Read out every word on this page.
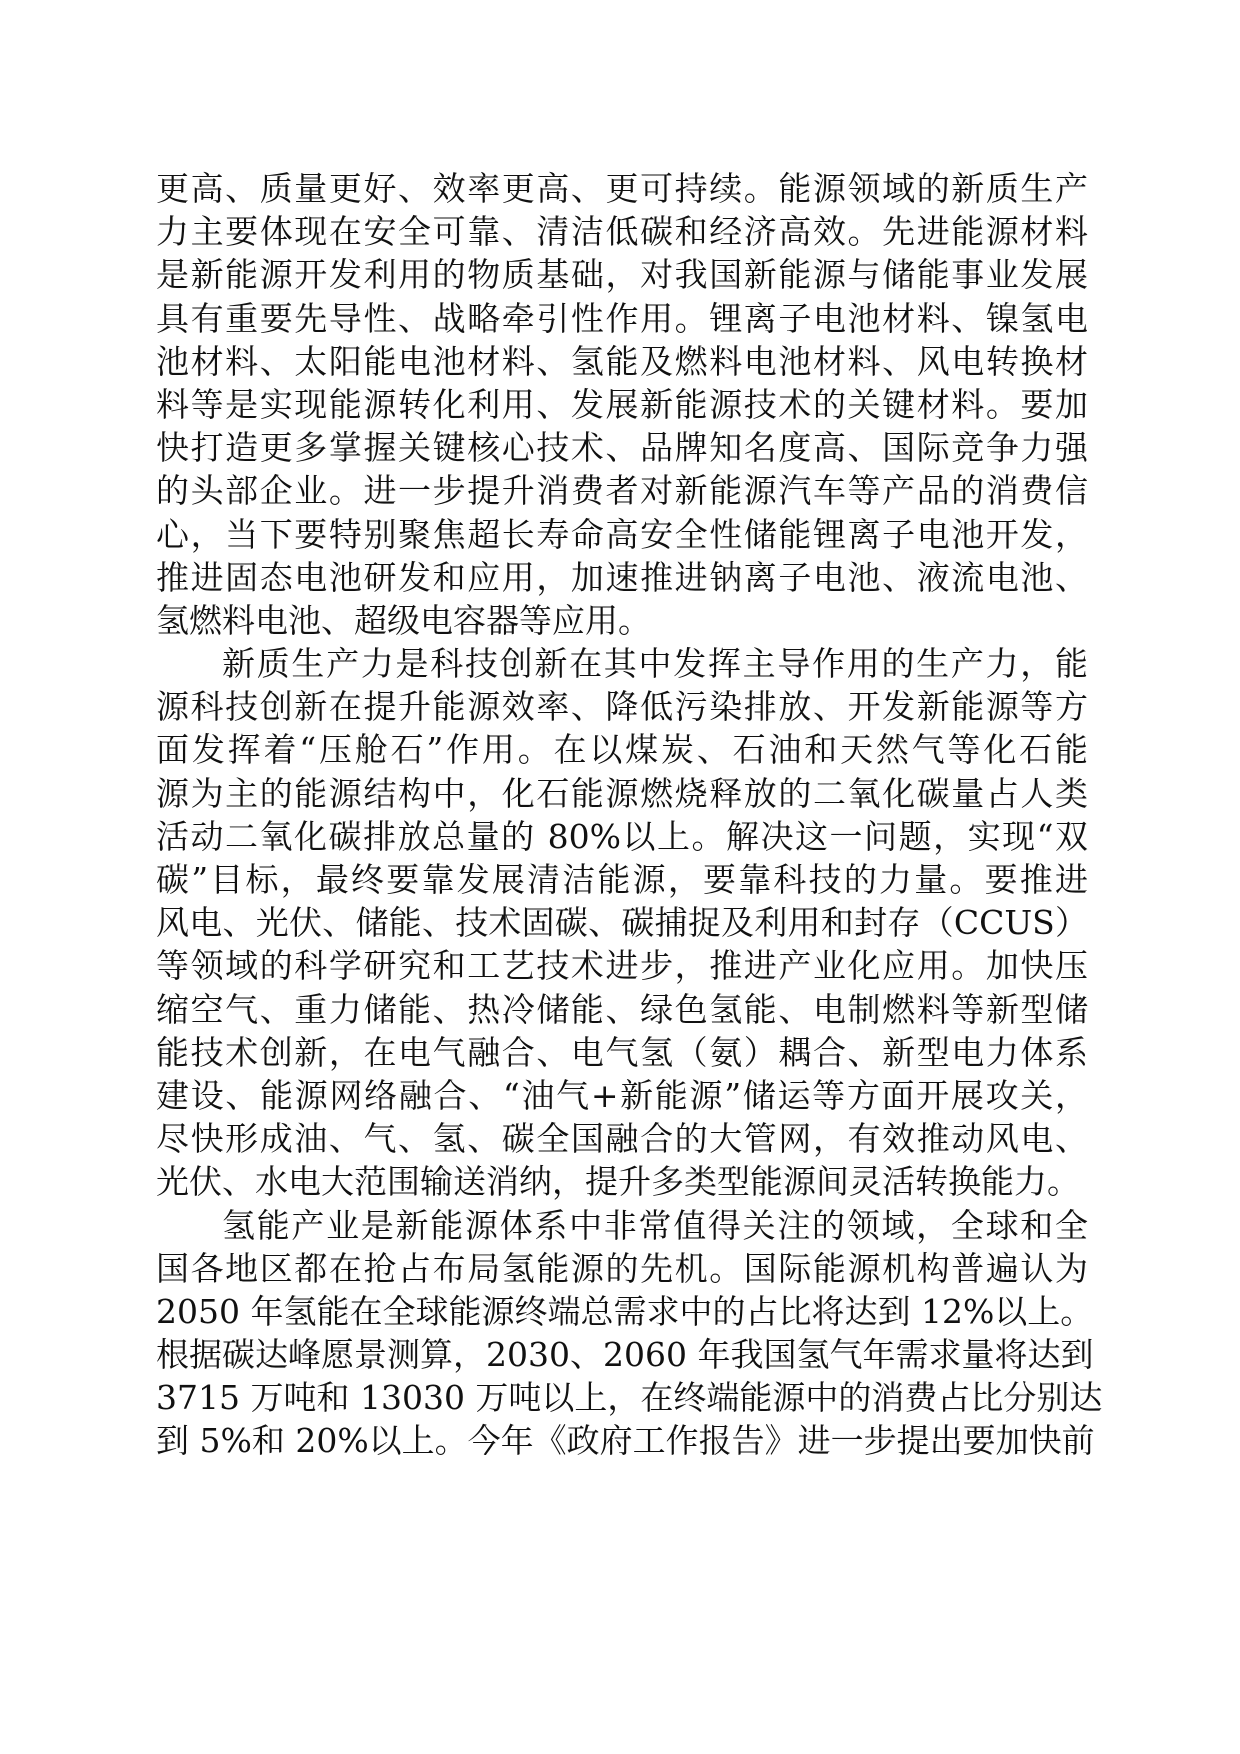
更高、质量更好、效率更高、更可持续。能源领域的新质生产
力主要体现在安全可靠、清洁低碳和经济高效。先进能源材料
是新能源开发利用的物质基础，对我国新能源与储能事业发展
具有重要先导性、战略牵引性作用。锂离子电池材料、镍氢电
池材料、太阳能电池材料、氢能及燃料电池材料、风电转换材
料等是实现能源转化利用、发展新能源技术的关键材料。要加
快打造更多掌握关键核心技术、品牌知名度高、国际竞争力强
的头部企业。进一步提升消费者对新能源汽车等产品的消费信
心，当下要特别聚焦超长寿命高安全性储能锂离子电池开发，
推进固态电池研发和应用，加速推进钠离子电池、液流电池、
氢燃料电池、超级电容器等应用。
新质生产力是科技创新在其中发挥主导作用的生产力，能
源科技创新在提升能源效率、降低污染排放、开发新能源等方
面发挥着“压舱石”作用。在以煤炭、石油和天然气等化石能
源为主的能源结构中，化石能源燃烧释放的二氧化碳量占人类
活动二氧化碳排放总量的 80%以上。解决这一问题，实现“双
碳”目标，最终要靠发展清洁能源，要靠科技的力量。要推进
风电、光伏、储能、技术固碳、碳捕捉及利用和封存（CCUS）
等领域的科学研究和工艺技术进步，推进产业化应用。加快压
缩空气、重力储能、热冷储能、绿色氢能、电制燃料等新型储
能技术创新，在电气融合、电气氢（氨）耦合、新型电力体系
建设、能源网络融合、“油气+新能源”储运等方面开展攻关，
尽快形成油、气、氢、碳全国融合的大管网，有效推动风电、
光伏、水电大范围输送消纳，提升多类型能源间灵活转换能力。
氢能产业是新能源体系中非常值得关注的领域，全球和全
国各地区都在抢占布局氢能源的先机。国际能源机构普遍认为
2050 年氢能在全球能源终端总需求中的占比将达到 12%以上。
根据碳达峰愿景测算，2030、2060 年我国氢气年需求量将达到
3715 万吨和 13030 万吨以上，在终端能源中的消费占比分别达
到 5%和 20%以上。今年《政府工作报告》进一步提出要加快前
